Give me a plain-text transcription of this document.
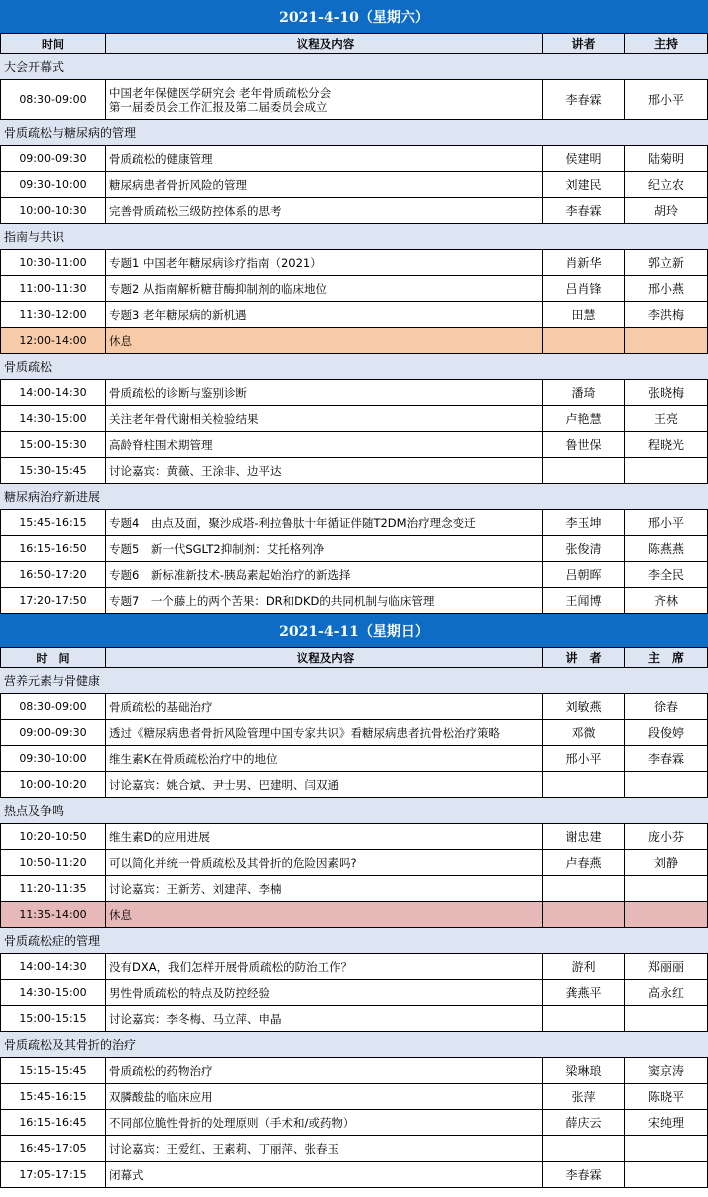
2021-4-10（星期六）
时间	议程及内容	讲者	主持
大会开幕式
08:30-09:00	中国老年保健医学研究会 老年骨质疏松分会
第一届委员会工作汇报及第二届委员会成立	李春霖	邢小平
骨质疏松与糖尿病的管理
09:00-09:30	骨质疏松的健康管理	侯建明	陆菊明
09:30-10:00	糖尿病患者骨折风险的管理	刘建民	纪立农
10:00-10:30	完善骨质疏松三级防控体系的思考	李春霖	胡玲
指南与共识
10:30-11:00	专题1 中国老年糖尿病诊疗指南（2021）	肖新华	郭立新
11:00-11:30	专题2 从指南解析糖苷酶抑制剂的临床地位	吕肖锋	邢小燕
11:30-12:00	专题3 老年糖尿病的新机遇	田慧	李洪梅
12:00-14:00	休息
骨质疏松
14:00-14:30	骨质疏松的诊断与鉴别诊断	潘琦	张晓梅
14:30-15:00	关注老年骨代谢相关检验结果	卢艳慧	王亮
15:00-15:30	高龄脊柱围术期管理	鲁世保	程晓光
15:30-15:45	讨论嘉宾：黄薇、王涂非、边平达
糖尿病治疗新进展
15:45-16:15	专题4　由点及面，聚沙成塔-利拉鲁肽十年循证伴随T2DM治疗理念变迁	李玉坤	邢小平
16:15-16:50	专题5　新一代SGLT2抑制剂：艾托格列净	张俊清	陈燕燕
16:50-17:20	专题6　新标准新技术-胰岛素起始治疗的新选择	吕朝晖	李全民
17:20-17:50	专题7　一个藤上的两个苦果：DR和DKD的共同机制与临床管理	王闻博	齐林
2021-4-11（星期日）
时　间	议程及内容	讲　者	主　席
营养元素与骨健康
08:30-09:00	骨质疏松的基础治疗	刘敏燕	徐春
09:00-09:30	透过《糖尿病患者骨折风险管理中国专家共识》看糖尿病患者抗骨松治疗策略	邓微	段俊婷
09:30-10:00	维生素K在骨质疏松治疗中的地位	邢小平	李春霖
10:00-10:20	讨论嘉宾：姚合斌、尹士男、巴建明、闫双通
热点及争鸣
10:20-10:50	维生素D的应用进展	谢忠建	庞小芬
10:50-11:20	可以简化并统一骨质疏松及其骨折的危险因素吗?	卢春燕	刘静
11:20-11:35	讨论嘉宾：王新芳、刘建萍、李楠
11:35-14:00	休息
骨质疏松症的管理
14:00-14:30	没有DXA，我们怎样开展骨质疏松的防治工作？	游利	郑丽丽
14:30-15:00	男性骨质疏松的特点及防控经验	龚燕平	高永红
15:00-15:15	讨论嘉宾：李冬梅、马立萍、申晶
骨质疏松及其骨折的治疗
15:15-15:45	骨质疏松的药物治疗	梁琳琅	窦京涛
15:45-16:15	双膦酸盐的临床应用	张萍	陈晓平
16:15-16:45	不同部位脆性骨折的处理原则（手术和/或药物）	薛庆云	宋纯理
16:45-17:05	讨论嘉宾：王爱红、王素莉、丁丽萍、张春玉
17:05-17:15	闭幕式	李春霖
